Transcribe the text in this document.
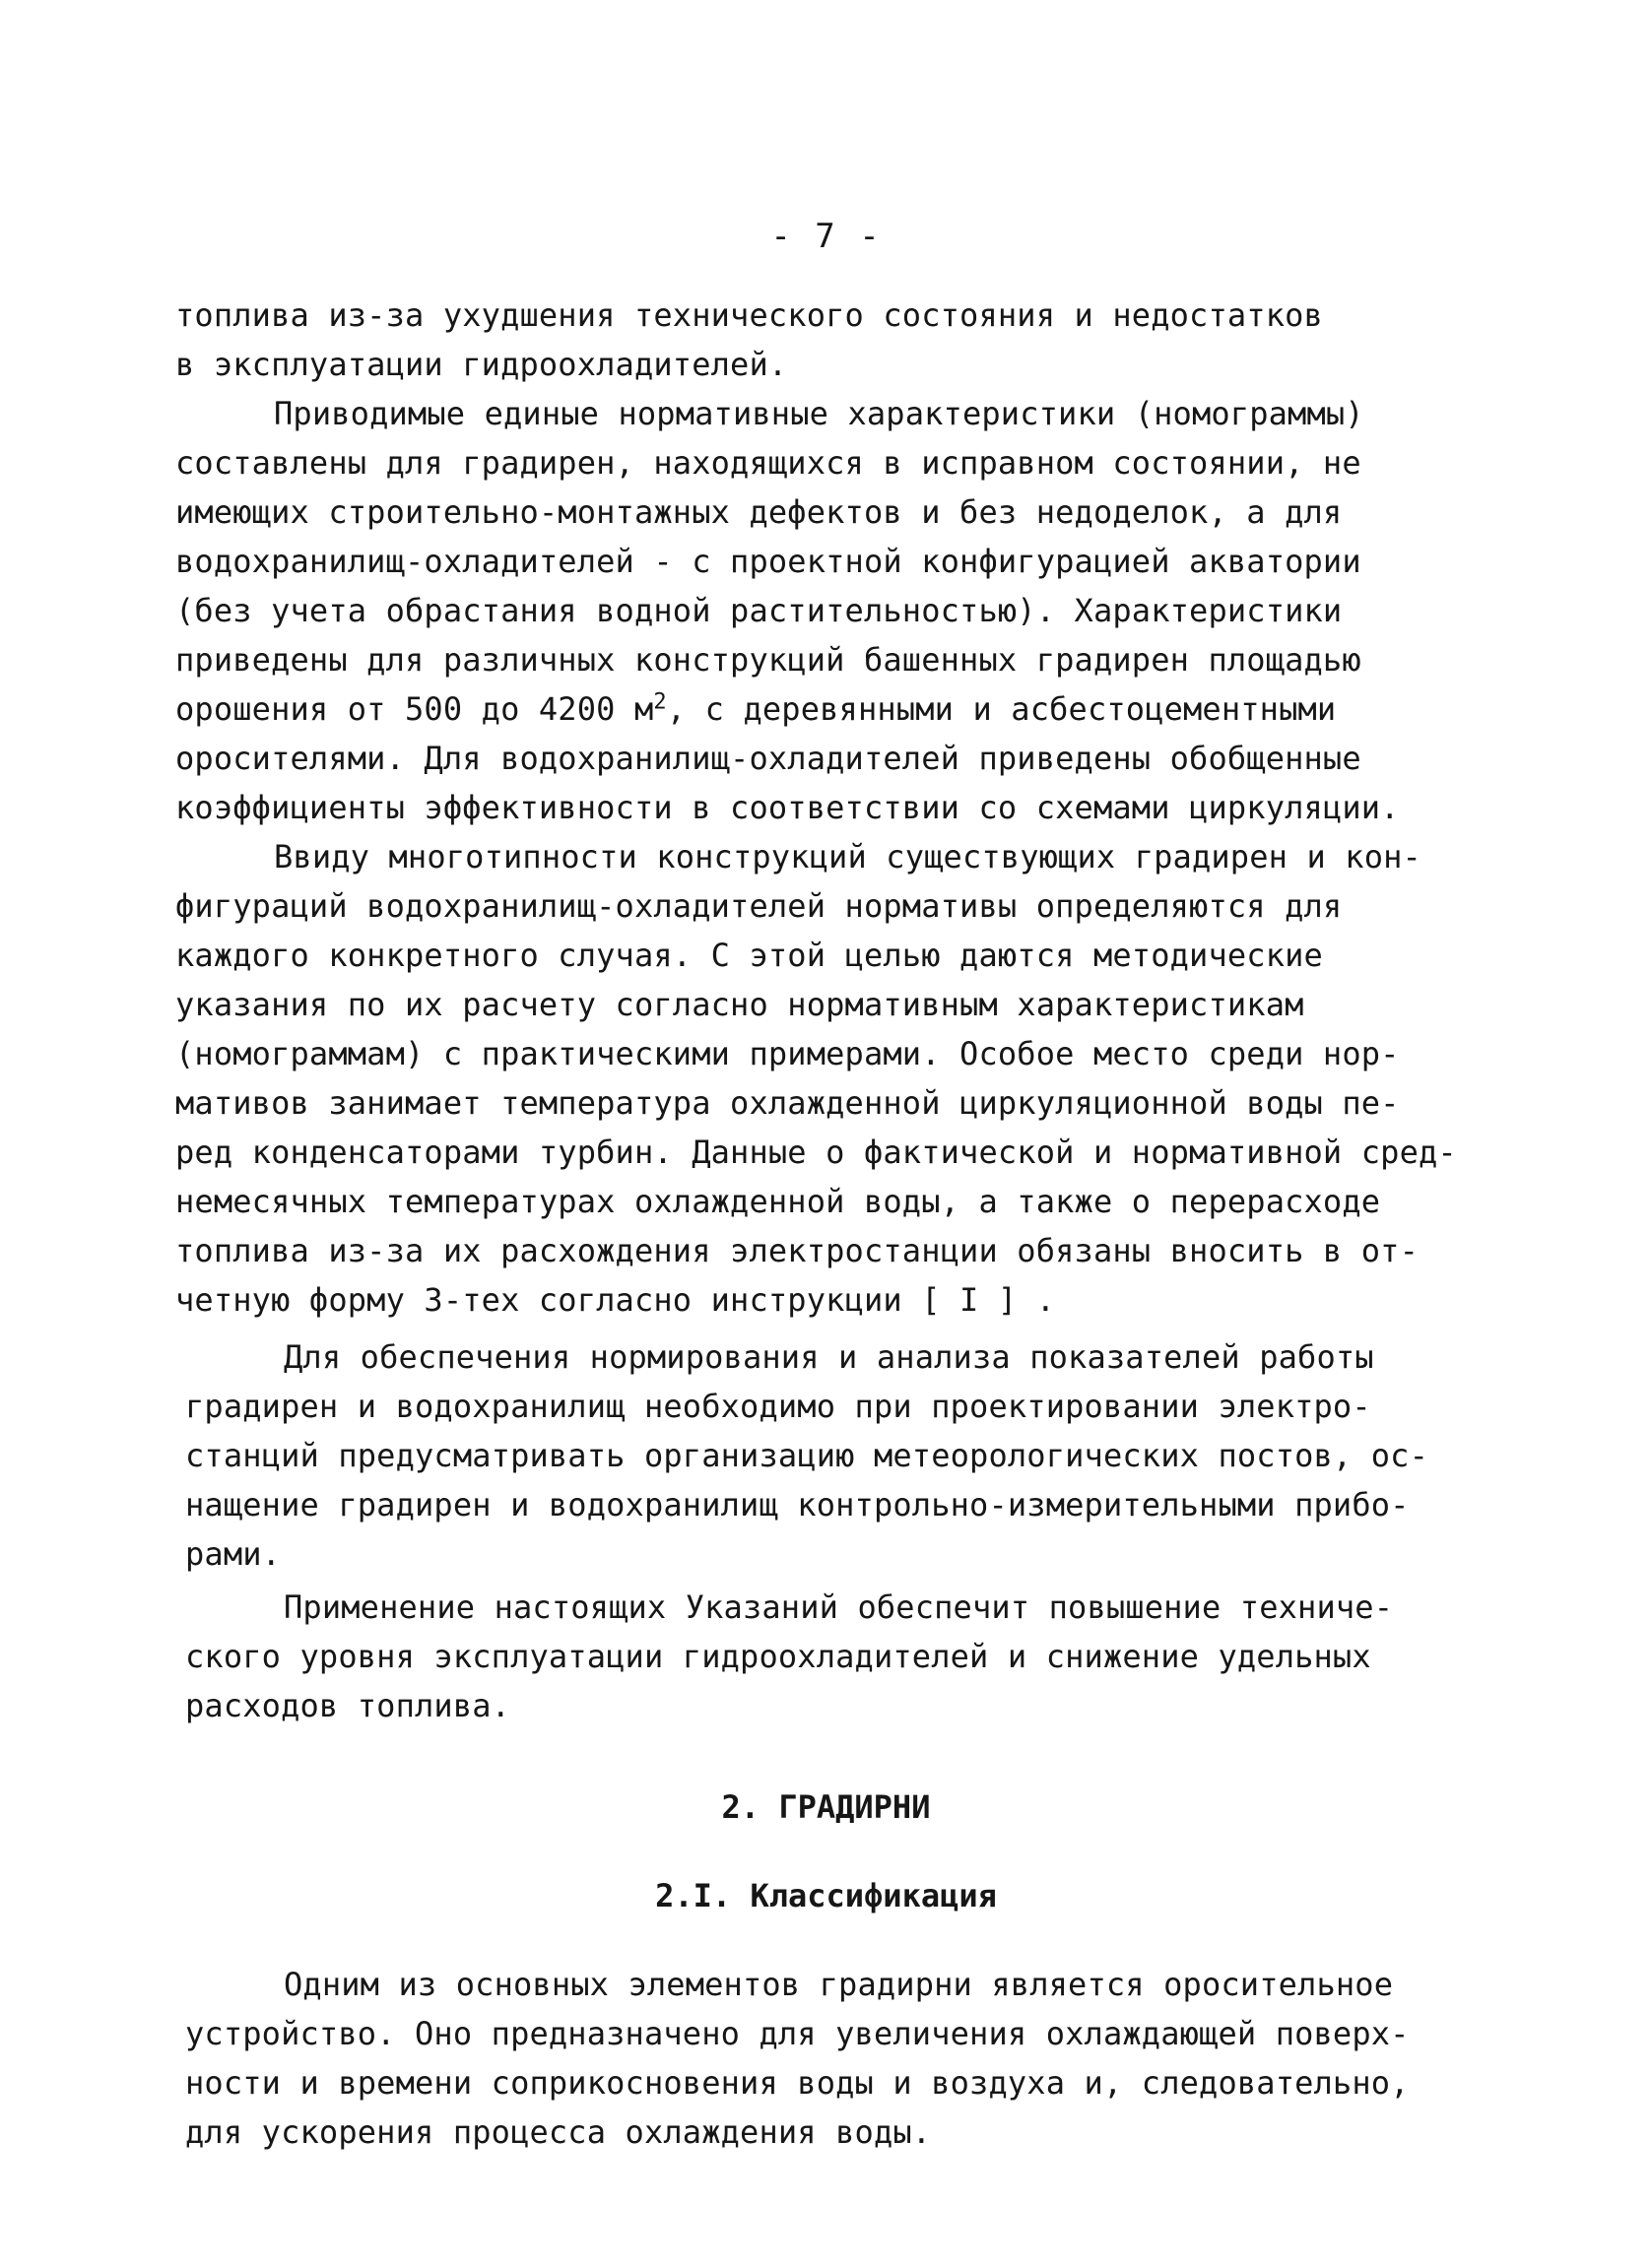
- 7 -
топлива из-за ухудшения технического состояния и недостатков
в эксплуатации гидроохладителей.
Приводимые единые нормативные характеристики (номограммы)
составлены для градирен, находящихся в исправном состоянии, не
имеющих строительно-монтажных дефектов и без недоделок, а для
водохранилищ-охладителей - с проектной конфигурацией акватории
(без учета обрастания водной растительностью). Характеристики
приведены для различных конструкций башенных градирен площадью
орошения от 500 до 4200 $м^2$, с деревянными и асбестоцементными
оросителями. Для водохранилищ-охладителей приведены обобщенные
коэффициенты эффективности в соответствии со схемами циркуляции.
Ввиду многотипности конструкций существующих градирен и кон-
фигураций водохранилищ-охладителей нормативы определяются для
каждого конкретного случая. С этой целью даются методические
указания по их расчету согласно нормативным характеристикам
(номограммам) с практическими примерами. Особое место среди нор-
мативов занимает температура охлажденной циркуляционной воды пе-
ред конденсаторами турбин. Данные о фактической и нормативной сред-
немесячных температурах охлажденной воды, а также о перерасходе
топлива из-за их расхождения электростанции обязаны вносить в от-
четную форму 3-тех согласно инструкции [ I ] .
Для обеспечения нормирования и анализа показателей работы
градирен и водохранилищ необходимо при проектировании электро-
станций предусматривать организацию метеорологических постов, ос-
нащение градирен и водохранилищ контрольно-измерительными прибо-
рами.
Применение настоящих Указаний обеспечит повышение техниче-
ского уровня эксплуатации гидроохладителей и снижение удельных
расходов топлива.
2. ГРАДИРНИ
2.I. Классификация
Одним из основных элементов градирни является оросительное
устройство. Оно предназначено для увеличения охлаждающей поверх-
ности и времени соприкосновения воды и воздуха и, следовательно,
для ускорения процесса охлаждения воды.
